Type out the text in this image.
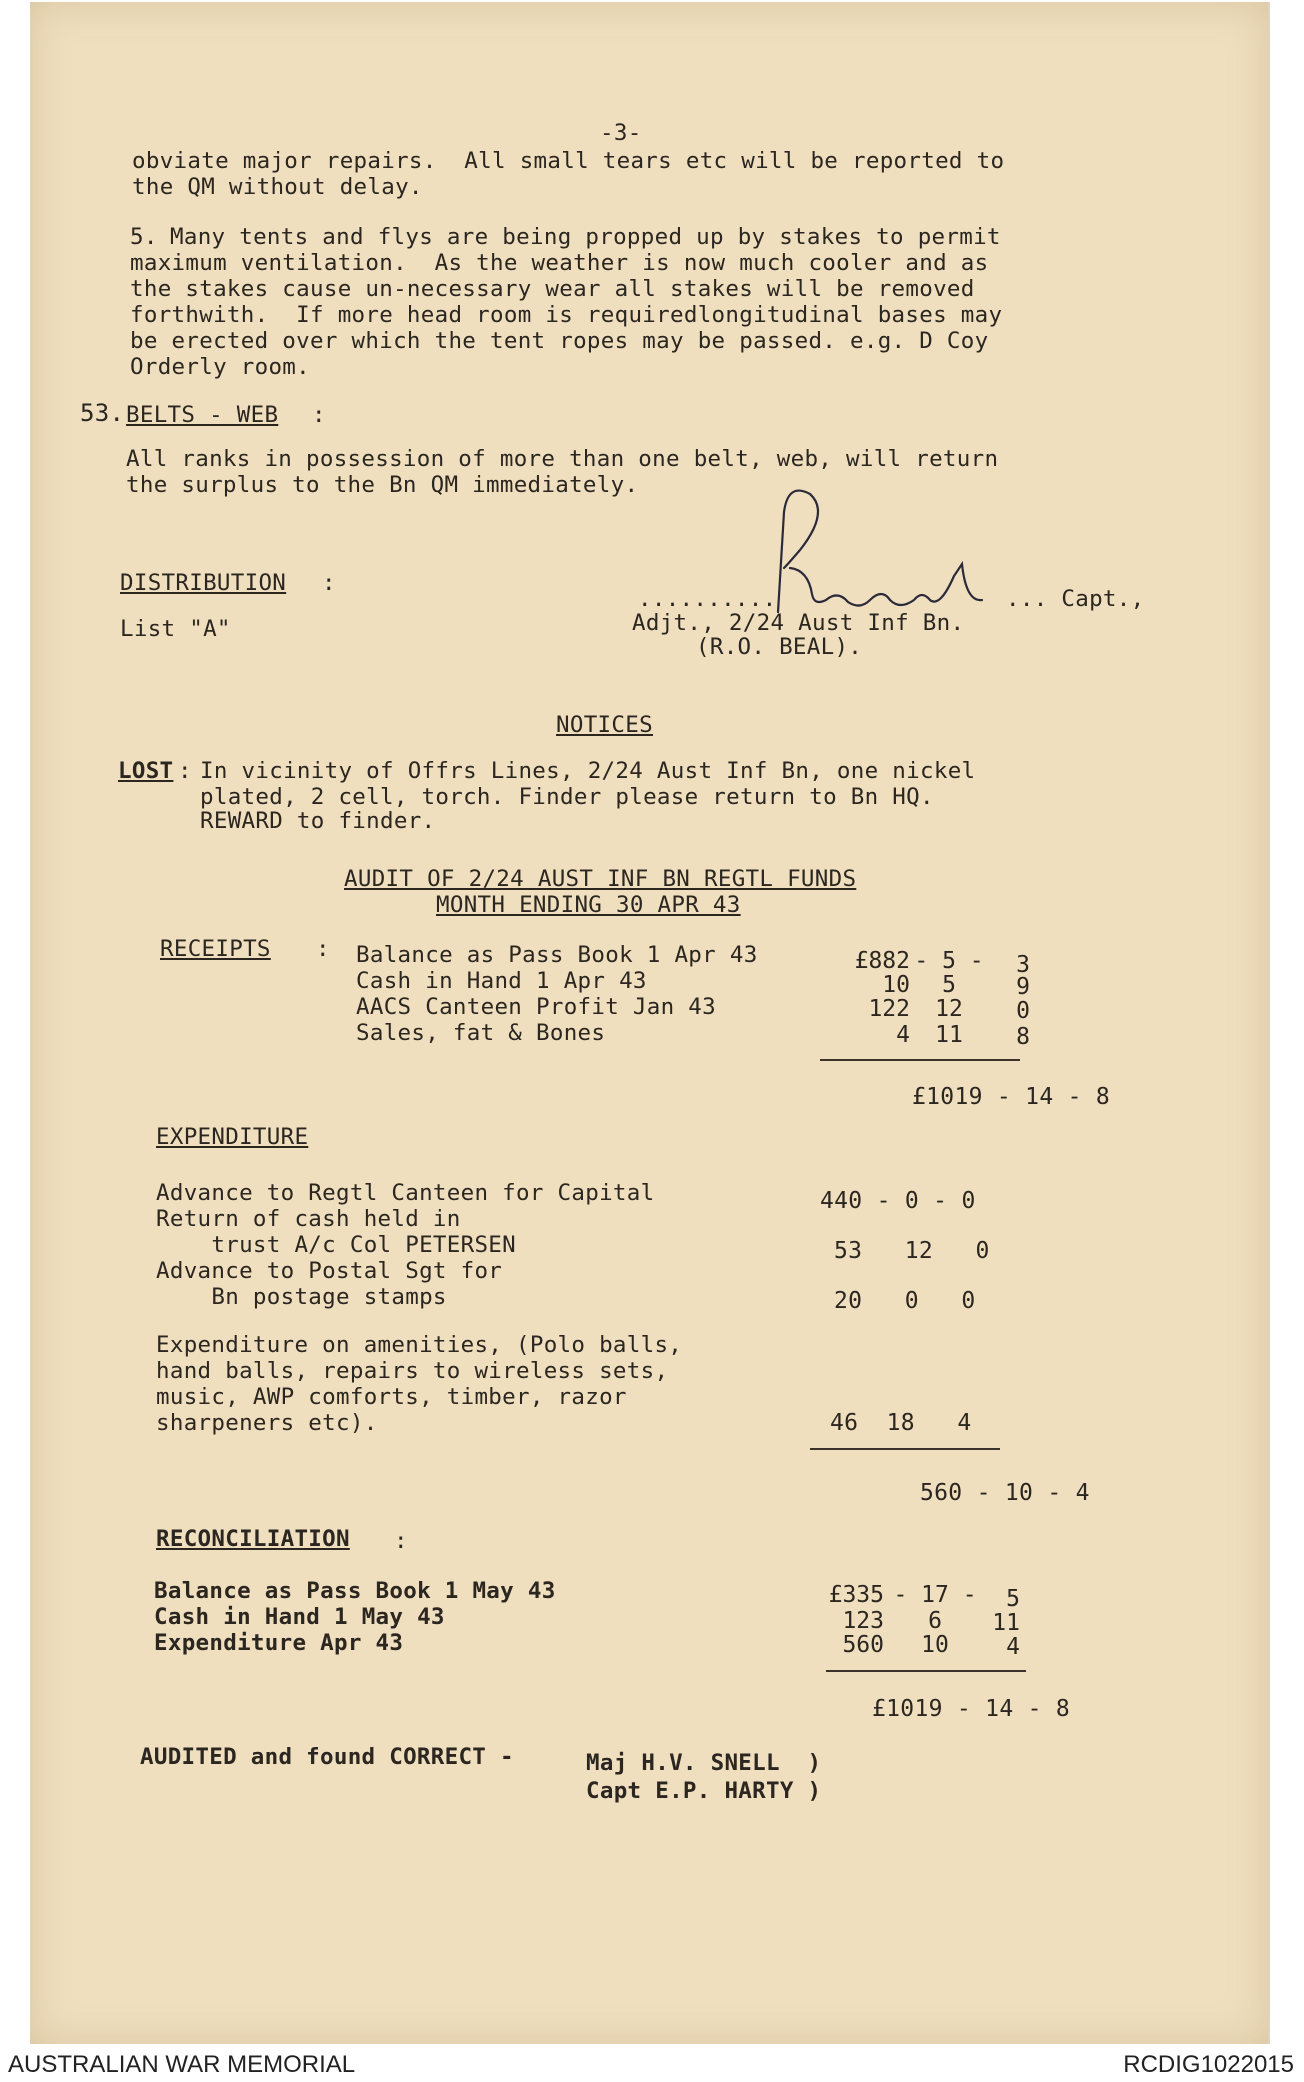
-3-
obviate major repairs.  All small tears etc will be reported to
the QM without delay.
5. Many tents and flys are being propped up by stakes to permit
maximum ventilation.  As the weather is now much cooler and as
the stakes cause un-necessary wear all stakes will be removed
forthwith.  If more head room is requiredlongitudinal bases may
be erected over which the tent ropes may be passed. e.g. D Coy
Orderly room.
53. BELTS - WEB :
All ranks in possession of more than one belt, web, will return
the surplus to the Bn QM immediately.
DISTRIBUTION :
List "A"
..........	... Capt.,
Adjt., 2/24 Aust Inf Bn.
(R.O. BEAL).
NOTICES
LOST : In vicinity of Offrs Lines, 2/24 Aust Inf Bn, one nickel
plated, 2 cell, torch. Finder please return to Bn HQ.
REWARD to finder.
AUDIT OF 2/24 AUST INF BN REGTL FUNDS
MONTH ENDING 30 APR 43
RECEIPTS : Balance as Pass Book 1 Apr 43	£882 - 5 -	3
Cash in Hand 1 Apr 43	10	5	9
AACS Canteen Profit Jan 43	122	12	0
Sales, fat & Bones	4	11	8
£1019 - 14 - 8
EXPENDITURE
Advance to Regtl Canteen for Capital	440 - 0 - 0
Return of cash held in
trust A/c Col PETERSEN	53   12   0
Advance to Postal Sgt for
Bn postage stamps	20   0   0
Expenditure on amenities, (Polo balls,
hand balls, repairs to wireless sets,
music, AWP comforts, timber, razor
sharpeners etc).	46  18   4
560 - 10 - 4
RECONCILIATION :
Balance as Pass Book 1 May 43	£335 - 17 -	5
Cash in Hand 1 May 43	123	6	11
Expenditure Apr 43	560	10	4
£1019 - 14 - 8
AUDITED and found CORRECT -	Maj H.V. SNELL  )
Capt E.P. HARTY )
AUSTRALIAN WAR MEMORIAL	RCDIG1022015
